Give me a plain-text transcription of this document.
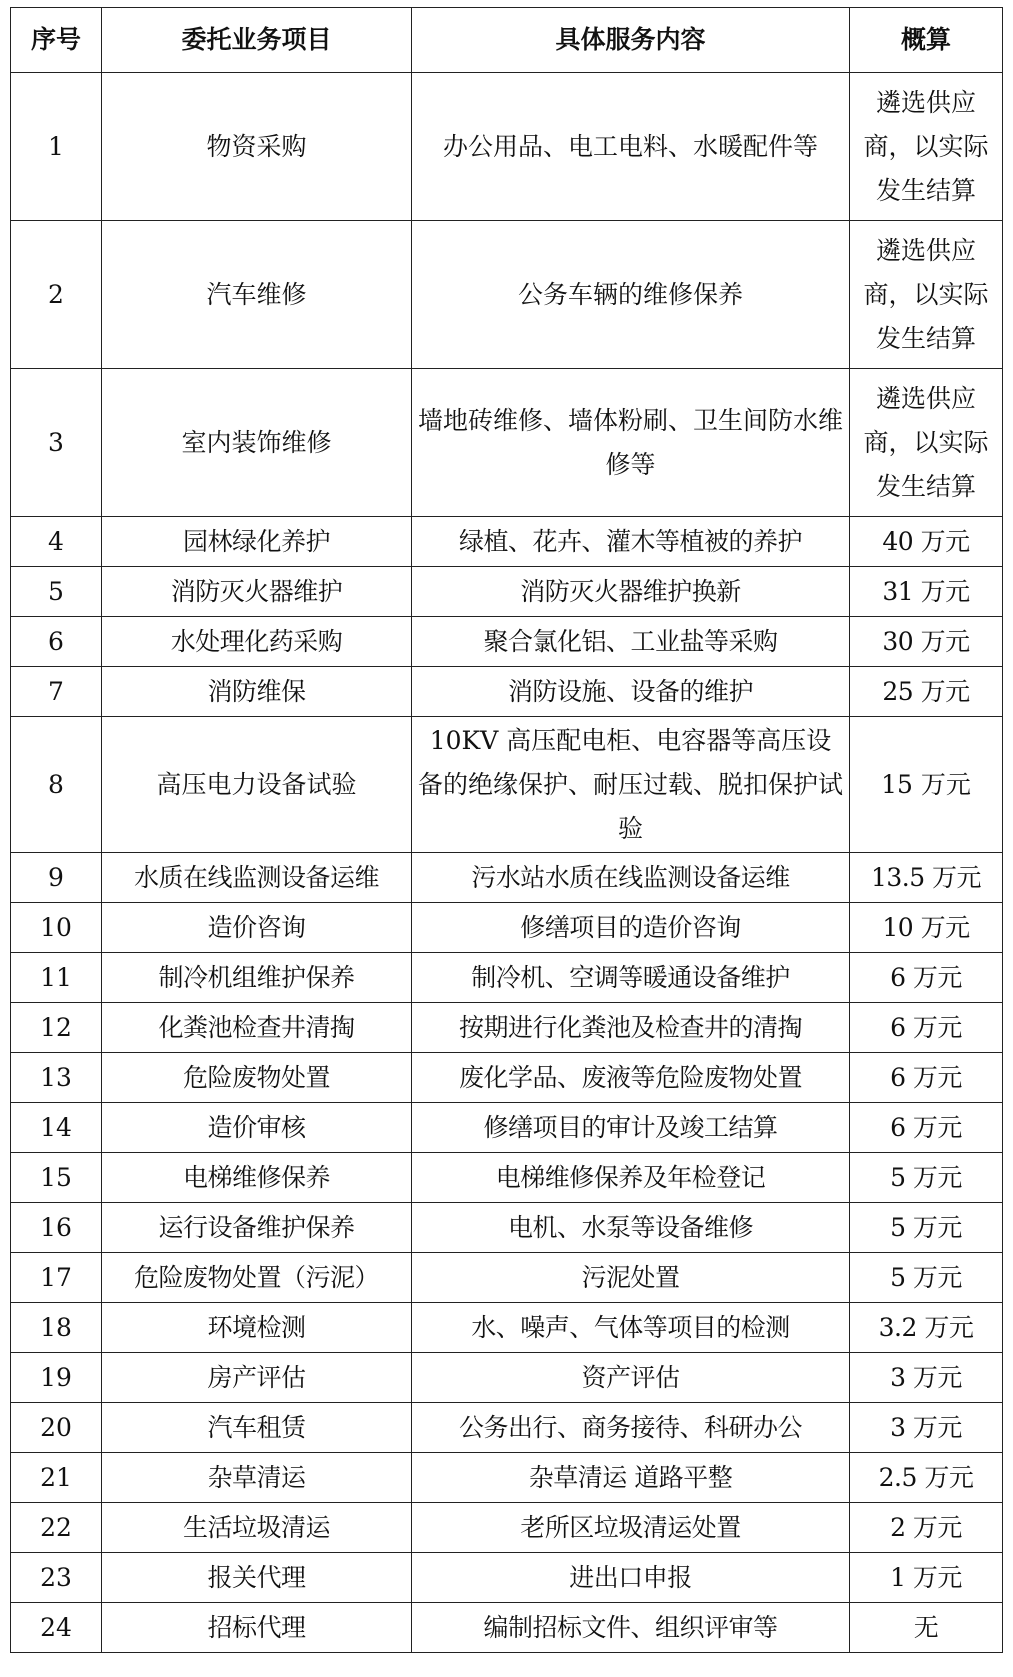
序号	委托业务项目	具体服务内容	概算
1	物资采购	办公用品、电工电料、水暖配件等	遴选供应商，以实际发生结算
2	汽车维修	公务车辆的维修保养	遴选供应商，以实际发生结算
3	室内装饰维修	墙地砖维修、墙体粉刷、卫生间防水维修等	遴选供应商，以实际发生结算
4	园林绿化养护	绿植、花卉、灌木等植被的养护	40 万元
5	消防灭火器维护	消防灭火器维护换新	31 万元
6	水处理化药采购	聚合氯化铝、工业盐等采购	30 万元
7	消防维保	消防设施、设备的维护	25 万元
8	高压电力设备试验	10KV 高压配电柜、电容器等高压设备的绝缘保护、耐压过载、脱扣保护试验	15 万元
9	水质在线监测设备运维	污水站水质在线监测设备运维	13.5 万元
10	造价咨询	修缮项目的造价咨询	10 万元
11	制冷机组维护保养	制冷机、空调等暖通设备维护	6 万元
12	化粪池检查井清掏	按期进行化粪池及检查井的清掏	6 万元
13	危险废物处置	废化学品、废液等危险废物处置	6 万元
14	造价审核	修缮项目的审计及竣工结算	6 万元
15	电梯维修保养	电梯维修保养及年检登记	5 万元
16	运行设备维护保养	电机、水泵等设备维修	5 万元
17	危险废物处置（污泥）	污泥处置	5 万元
18	环境检测	水、噪声、气体等项目的检测	3.2 万元
19	房产评估	资产评估	3 万元
20	汽车租赁	公务出行、商务接待、科研办公	3 万元
21	杂草清运	杂草清运 道路平整	2.5 万元
22	生活垃圾清运	老所区垃圾清运处置	2 万元
23	报关代理	进出口申报	1 万元
24	招标代理	编制招标文件、组织评审等	无
